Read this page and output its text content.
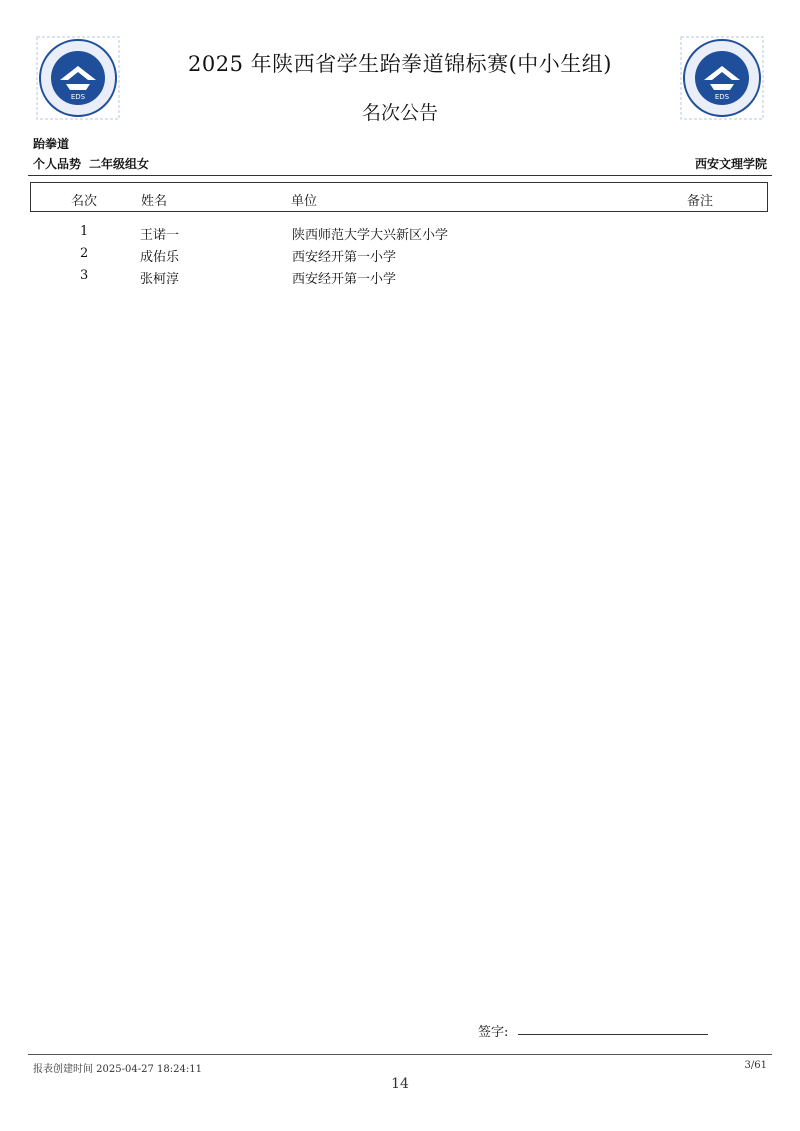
EDS	EDS
2025 年陕西省学生跆拳道锦标赛(中小生组)
名次公告
跆拳道
个人品势 二年级组女	西安文理学院
名次	姓名	单位	备注
1	王诺一	陕西师范大学大兴新区小学
2	成佑乐	西安经开第一小学
3	张柯淳	西安经开第一小学
签字:
报表创建时间 2025-04-27 18:24:11	3/61
14
